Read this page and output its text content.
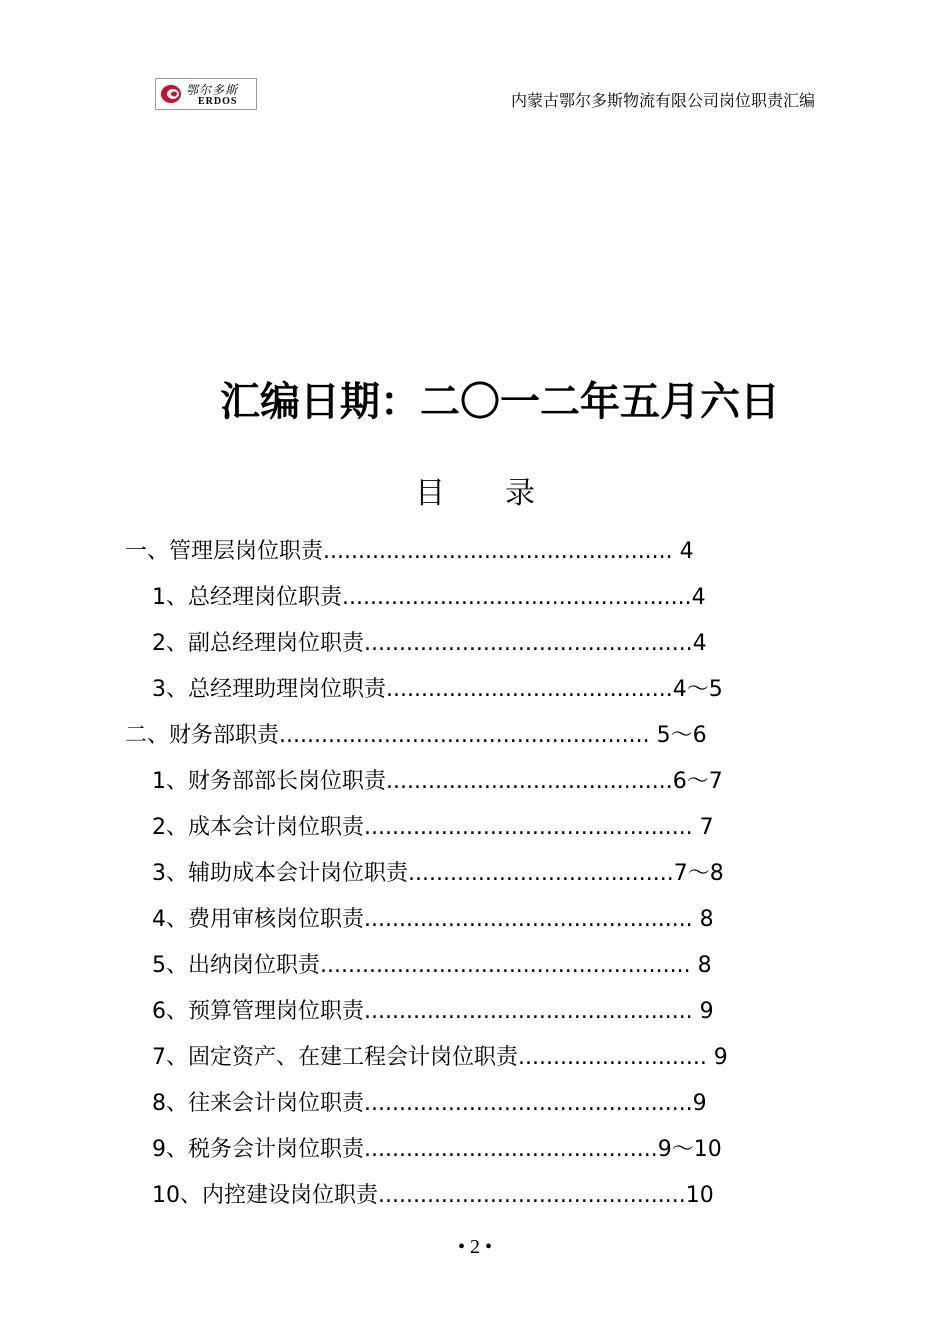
鄂尔多斯
ERDOS	内蒙古鄂尔多斯物流有限公司岗位职责汇编
汇编日期：二〇一二年五月六日
目 录
一、管理层岗位职责.................................................. 4
1、总经理岗位职责..................................................4
2、副总经理岗位职责...............................................4
3、总经理助理岗位职责.........................................4～5
二、财务部职责..................................................... 5～6
1、财务部部长岗位职责.........................................6～7
2、成本会计岗位职责............................................... 7
3、辅助成本会计岗位职责......................................7～8
4、费用审核岗位职责............................................... 8
5、出纳岗位职责..................................................... 8
6、预算管理岗位职责............................................... 9
7、固定资产、在建工程会计岗位职责........................... 9
8、往来会计岗位职责...............................................9
9、税务会计岗位职责..........................................9～10
10、内控建设岗位职责............................................10
• 2 •
